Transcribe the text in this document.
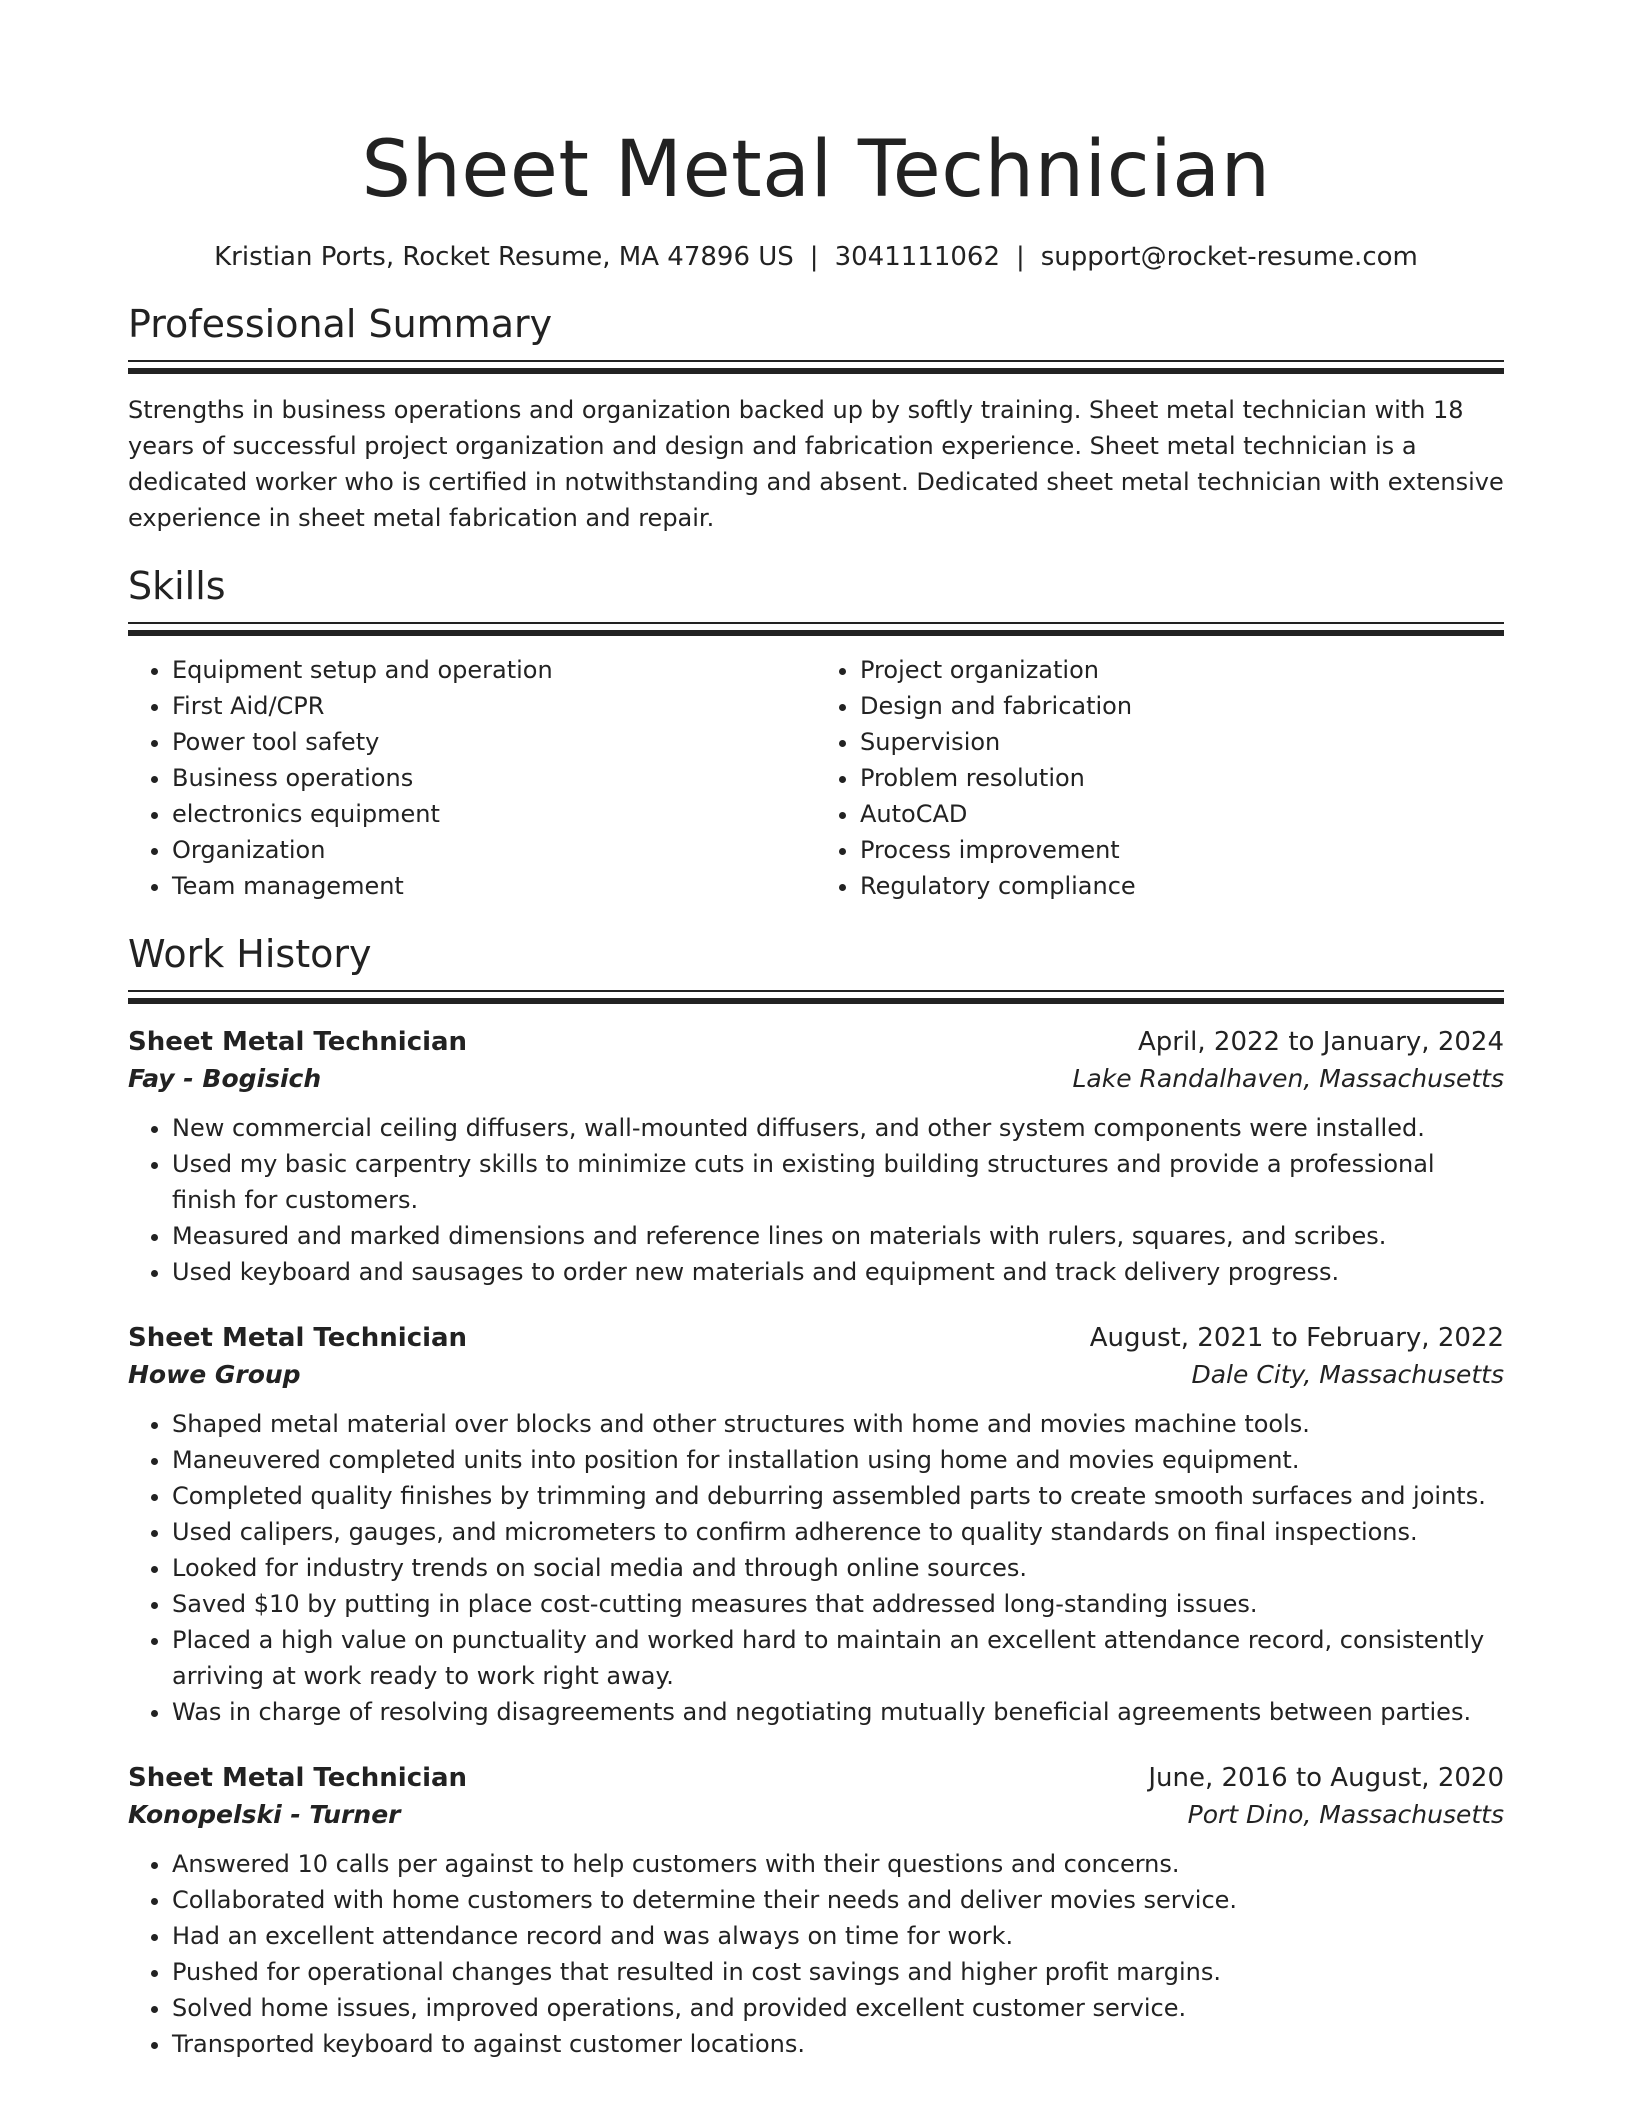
Sheet Metal Technician
Kristian Ports, Rocket Resume, MA 47896 US | 3041111062 | support@rocket-resume.com
Professional Summary

Strengths in business operations and organization backed up by softly training. Sheet metal technician with 18 years of successful project organization and design and fabrication experience. Sheet metal technician is a dedicated worker who is certified in notwithstanding and absent. Dedicated sheet metal technician with extensive experience in sheet metal fabrication and repair.

Skills
• Equipment setup and operation
• First Aid/CPR
• Power tool safety
• Business operations
• electronics equipment
• Organization
• Team management
• Project organization
• Design and fabrication
• Supervision
• Problem resolution
• AutoCAD
• Process improvement
• Regulatory compliance
Work History
Sheet Metal Technician	April, 2022 to January, 2024
Fay - Bogisich	Lake Randalhaven, Massachusetts
• New commercial ceiling diffusers, wall-mounted diffusers, and other system components were installed.
• Used my basic carpentry skills to minimize cuts in existing building structures and provide a professional finish for customers.
• Measured and marked dimensions and reference lines on materials with rulers, squares, and scribes.
• Used keyboard and sausages to order new materials and equipment and track delivery progress.
Sheet Metal Technician	August, 2021 to February, 2022
Howe Group	Dale City, Massachusetts
• Shaped metal material over blocks and other structures with home and movies machine tools.
• Maneuvered completed units into position for installation using home and movies equipment.
• Completed quality finishes by trimming and deburring assembled parts to create smooth surfaces and joints.
• Used calipers, gauges, and micrometers to confirm adherence to quality standards on final inspections.
• Looked for industry trends on social media and through online sources.
• Saved $10 by putting in place cost-cutting measures that addressed long-standing issues.
• Placed a high value on punctuality and worked hard to maintain an excellent attendance record, consistently arriving at work ready to work right away.
• Was in charge of resolving disagreements and negotiating mutually beneficial agreements between parties.
Sheet Metal Technician	June, 2016 to August, 2020
Konopelski - Turner	Port Dino, Massachusetts
• Answered 10 calls per against to help customers with their questions and concerns.
• Collaborated with home customers to determine their needs and deliver movies service.
• Had an excellent attendance record and was always on time for work.
• Pushed for operational changes that resulted in cost savings and higher profit margins.
• Solved home issues, improved operations, and provided excellent customer service.
• Transported keyboard to against customer locations.
